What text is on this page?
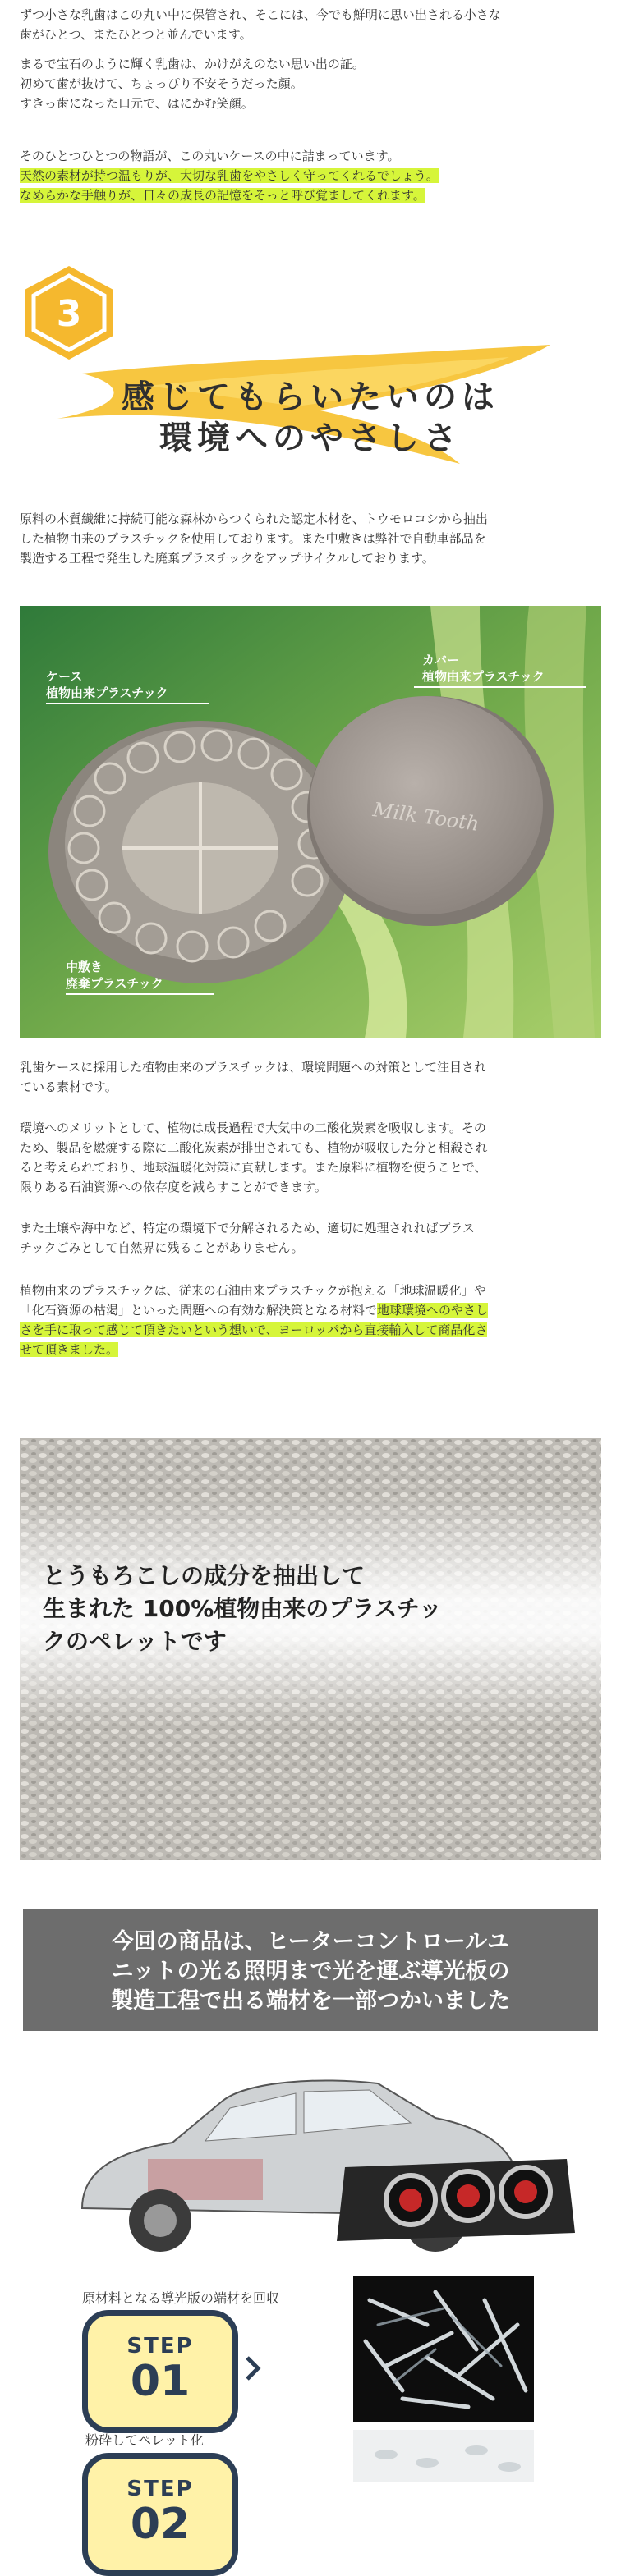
ずつ小さな乳歯はこの丸い中に保管され、そこには、今でも鮮明に思い出される小さな
歯がひとつ、またひとつと並んでいます。
まるで宝石のように輝く乳歯は、かけがえのない思い出の証。
初めて歯が抜けて、ちょっぴり不安そうだった顔。
すきっ歯になった口元で、はにかむ笑顔。
そのひとつひとつの物語が、この丸いケースの中に詰まっています。
天然の素材が持つ温もりが、大切な乳歯をやさしく守ってくれるでしょう。
なめらかな手触りが、日々の成長の記憶をそっと呼び覚ましてくれます。
3

感じてもらいたいのは

環境へのやさしさ

原料の木質繊維に持続可能な森林からつくられた認定木材を、トウモロコシから抽出
した植物由来のプラスチックを使用しております。また中敷きは弊社で自動車部品を
製造する工程で発生した廃棄プラスチックをアップサイクルしております。
Milk Tooth
ケース
植物由来プラスチック
カバー
植物由来プラスチック
中敷き
廃棄プラスチック
乳歯ケースに採用した植物由来のプラスチックは、環境問題への対策として注目され
ている素材です。
環境へのメリットとして、植物は成長過程で大気中の二酸化炭素を吸収します。その
ため、製品を燃焼する際に二酸化炭素が排出されても、植物が吸収した分と相殺され
ると考えられており、地球温暖化対策に貢献します。また原料に植物を使うことで、
限りある石油資源への依存度を減らすことができます。
また土壌や海中など、特定の環境下で分解されるため、適切に処理されればプラス
チックごみとして自然界に残ることがありません。
植物由来のプラスチックは、従来の石油由来プラスチックが抱える「地球温暖化」や
「化石資源の枯渇」といった問題への有効な解決策となる材料で地球環境へのやさし
さを手に取って感じて頂きたいという想いで、ヨーロッパから直接輸入して商品化さ
せて頂きました。

とうもろこしの成分を抽出して
生まれた 100%植物由来のプラスチッ
クのペレットです

今回の商品は、ヒーターコントロールユ
ニットの光る照明まで光を運ぶ導光板の
製造工程で出る端材を一部つかいました

原材料となる導光版の端材を回収
STEP
01
粉砕してペレット化
STEP
02
